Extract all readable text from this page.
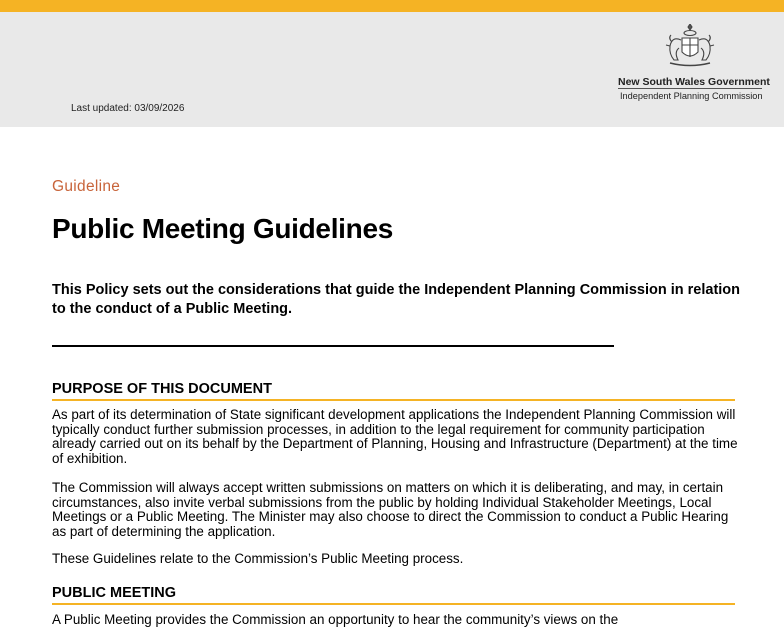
Last updated: 03/09/2026
New South Wales Government
Independent Planning Commission
Guideline
Public Meeting Guidelines

This Policy sets out the considerations that guide the Independent Planning Commission in relation to the conduct of a Public Meeting.

PURPOSE OF THIS DOCUMENT

As part of its determination of State significant development applications the Independent Planning Commission will typically conduct further submission processes, in addition to the legal requirement for community participation already carried out on its behalf by the Department of Planning, Housing and Infrastructure (Department) at the time of exhibition.

The Commission will always accept written submissions on matters on which it is deliberating, and may, in certain circumstances, also invite verbal submissions from the public by holding Individual Stakeholder Meetings, Local Meetings or a Public Meeting. The Minister may also choose to direct the Commission to conduct a Public Hearing as part of determining the application.

These Guidelines relate to the Commission’s Public Meeting process.

PUBLIC MEETING

A Public Meeting provides the Commission an opportunity to hear the community’s views on the
